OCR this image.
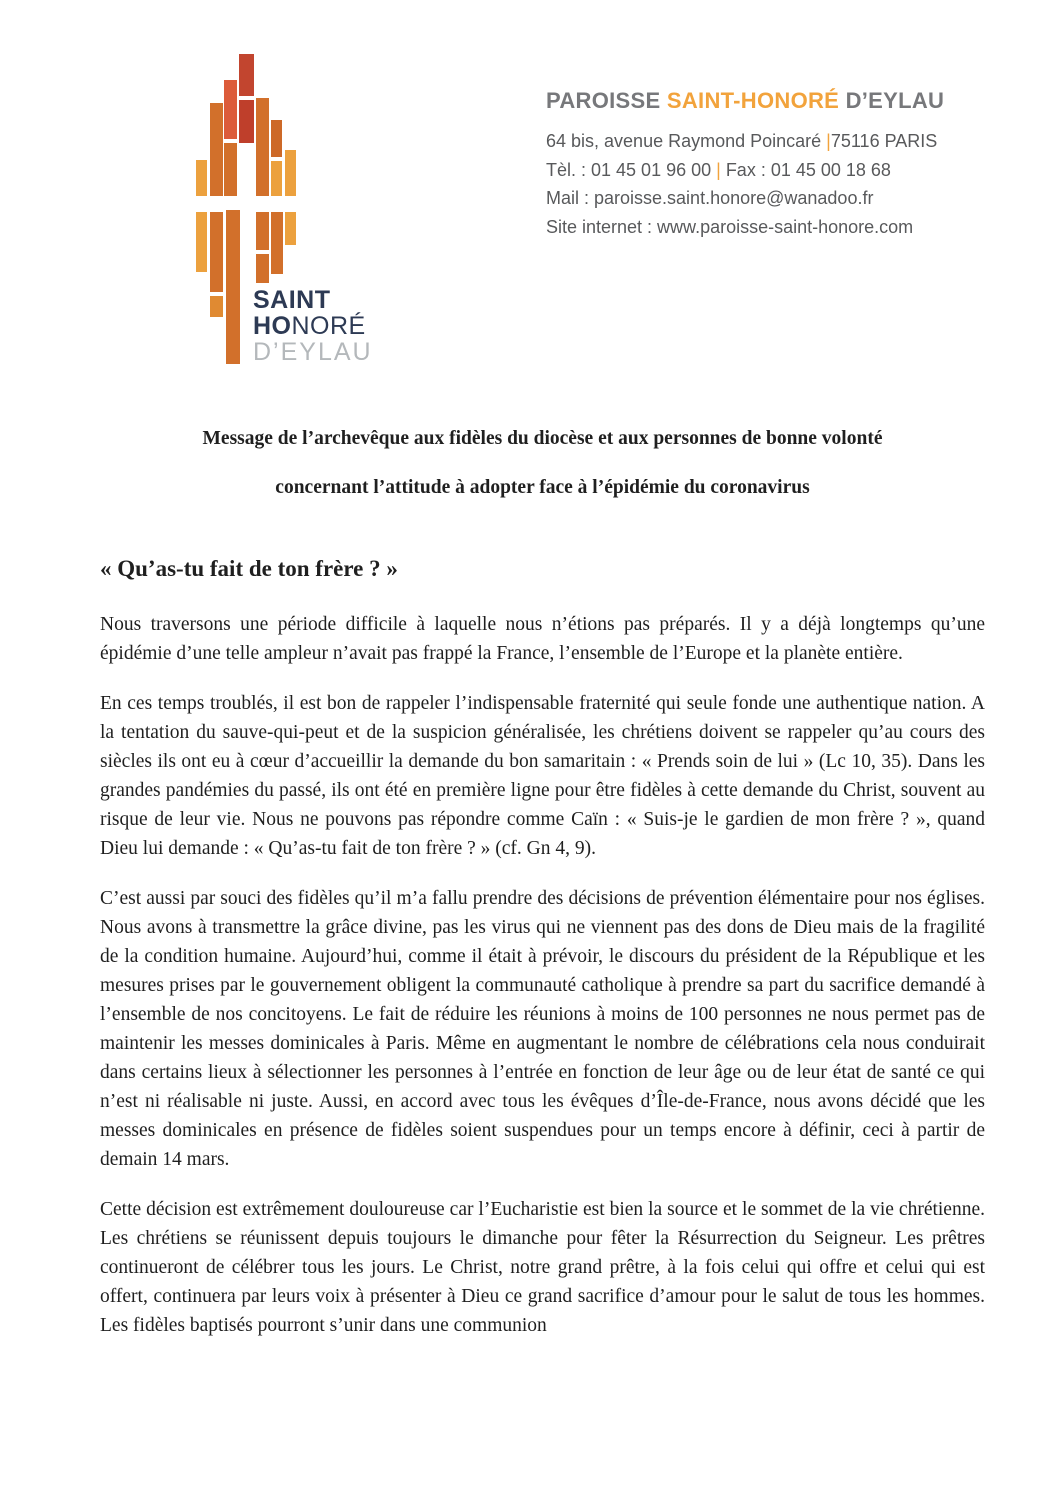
SAINT
HONORÉ
D’EYLAU

PAROISSE SAINT-HONORÉ D’EYLAU

64 bis, avenue Raymond Poincaré |75116 PARIS

Tèl. : 01 45 01 96 00 | Fax : 01 45 00 18 68

Mail : paroisse.saint.honore@wanadoo.fr

Site internet : www.paroisse-saint-honore.com

Message de l’archevêque aux fidèles du diocèse et aux personnes de bonne volonté

concernant l’attitude à adopter face à l’épidémie du coronavirus

« Qu’as-tu fait de ton frère ? »

Nous traversons une période difficile à laquelle nous n’étions pas préparés. Il y a déjà longtemps qu’une épidémie d’une telle ampleur n’avait pas frappé la France, l’ensemble de l’Europe et la planète entière.

En ces temps troublés, il est bon de rappeler l’indispensable fraternité qui seule fonde une authentique nation. A la tentation du sauve-qui-peut et de la suspicion généralisée, les chrétiens doivent se rappeler qu’au cours des siècles ils ont eu à cœur d’accueillir la demande du bon samaritain : « Prends soin de lui » (Lc 10, 35). Dans les grandes pandémies du passé, ils ont été en première ligne pour être fidèles à cette demande du Christ, souvent au risque de leur vie. Nous ne pouvons pas répondre comme Caïn : « Suis-je le gardien de mon frère ? », quand Dieu lui demande : « Qu’as-tu fait de ton frère ? » (cf. Gn 4, 9).

C’est aussi par souci des fidèles qu’il m’a fallu prendre des décisions de prévention élémentaire pour nos églises. Nous avons à transmettre la grâce divine, pas les virus qui ne viennent pas des dons de Dieu mais de la fragilité de la condition humaine. Aujourd’hui, comme il était à prévoir, le discours du président de la République et les mesures prises par le gouvernement obligent la communauté catholique à prendre sa part du sacrifice demandé à l’ensemble de nos concitoyens. Le fait de réduire les réunions à moins de 100 personnes ne nous permet pas de maintenir les messes dominicales à Paris. Même en augmentant le nombre de célébrations cela nous conduirait dans certains lieux à sélectionner les personnes à l’entrée en fonction de leur âge ou de leur état de santé ce qui n’est ni réalisable ni juste. Aussi, en accord avec tous les évêques d’Île-de-France, nous avons décidé que les messes dominicales en présence de fidèles soient suspendues pour un temps encore à définir, ceci à partir de demain 14 mars.

Cette décision est extrêmement douloureuse car l’Eucharistie est bien la source et le sommet de la vie chrétienne. Les chrétiens se réunissent depuis toujours le dimanche pour fêter la Résurrection du Seigneur. Les prêtres continueront de célébrer tous les jours. Le Christ, notre grand prêtre, à la fois celui qui offre et celui qui est offert, continuera par leurs voix à présenter à Dieu ce grand sacrifice d’amour pour le salut de tous les hommes. Les fidèles baptisés pourront s’unir dans une communion
